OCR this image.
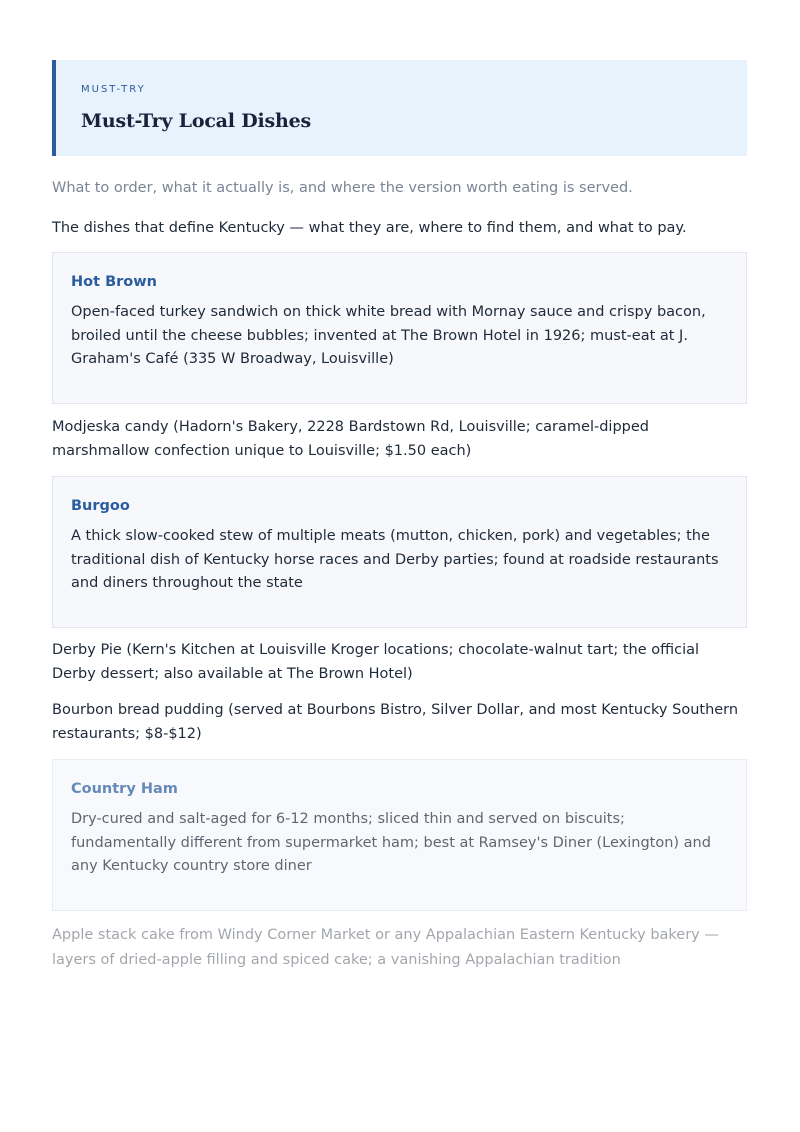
MUST-TRY
Must-Try Local Dishes
What to order, what it actually is, and where the version worth eating is served.
The dishes that define Kentucky — what they are, where to find them, and what to pay.
Hot Brown
Open-faced turkey sandwich on thick white bread with Mornay sauce and crispy bacon, broiled until the cheese bubbles; invented at The Brown Hotel in 1926; must-eat at J. Graham's Café (335 W Broadway, Louisville)
Modjeska candy (Hadorn's Bakery, 2228 Bardstown Rd, Louisville; caramel-dipped marshmallow confection unique to Louisville; $1.50 each)
Burgoo
A thick slow-cooked stew of multiple meats (mutton, chicken, pork) and vegetables; the traditional dish of Kentucky horse races and Derby parties; found at roadside restaurants and diners throughout the state
Derby Pie (Kern's Kitchen at Louisville Kroger locations; chocolate-walnut tart; the official Derby dessert; also available at The Brown Hotel)
Bourbon bread pudding (served at Bourbons Bistro, Silver Dollar, and most Kentucky Southern restaurants; $8-$12)
Country Ham
Dry-cured and salt-aged for 6-12 months; sliced thin and served on biscuits; fundamentally different from supermarket ham; best at Ramsey's Diner (Lexington) and any Kentucky country store diner
Apple stack cake from Windy Corner Market or any Appalachian Eastern Kentucky bakery — layers of dried-apple filling and spiced cake; a vanishing Appalachian tradition
